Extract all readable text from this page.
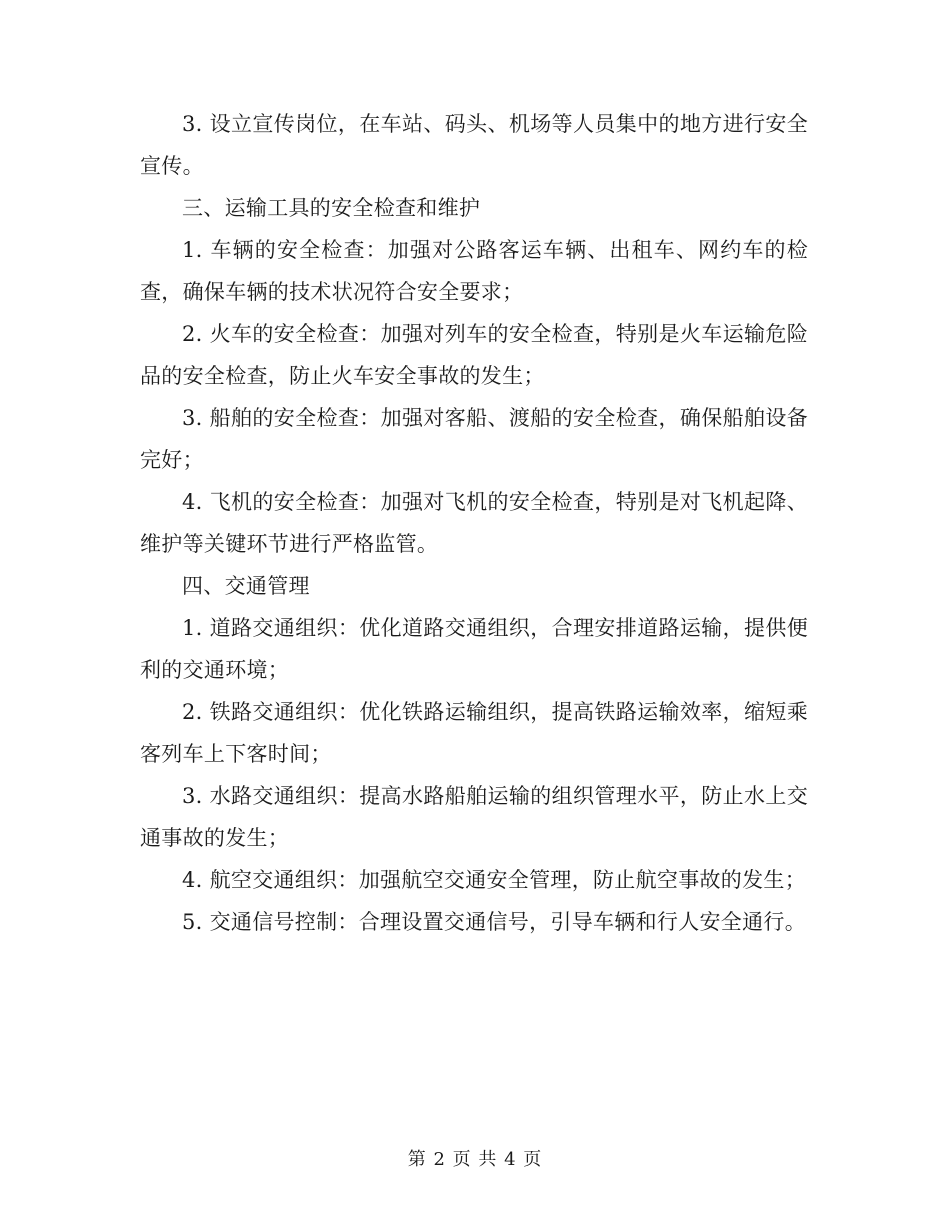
3. 设立宣传岗位，在车站、码头、机场等人员集中的地方进行安全宣传。

三、运输工具的安全检查和维护

1. 车辆的安全检查：加强对公路客运车辆、出租车、网约车的检查，确保车辆的技术状况符合安全要求；

2. 火车的安全检查：加强对列车的安全检查，特别是火车运输危险品的安全检查，防止火车安全事故的发生；

3. 船舶的安全检查：加强对客船、渡船的安全检查，确保船舶设备完好；

4. 飞机的安全检查：加强对飞机的安全检查，特别是对飞机起降、维护等关键环节进行严格监管。

四、交通管理

1. 道路交通组织：优化道路交通组织，合理安排道路运输，提供便利的交通环境；

2. 铁路交通组织：优化铁路运输组织，提高铁路运输效率，缩短乘客列车上下客时间；

3. 水路交通组织：提高水路船舶运输的组织管理水平，防止水上交通事故的发生；

4. 航空交通组织：加强航空交通安全管理，防止航空事故的发生；

5. 交通信号控制：合理设置交通信号，引导车辆和行人安全通行。

第 2 页 共 4 页
